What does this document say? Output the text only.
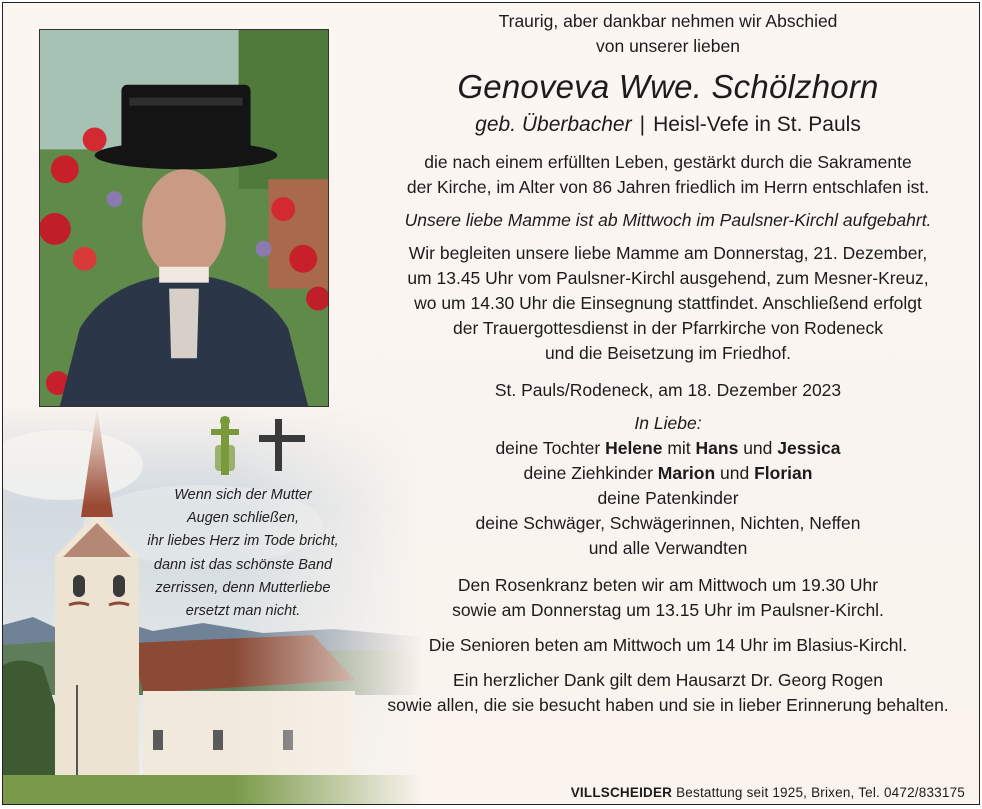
Wenn sich der Mutter
Augen schließen,
ihr liebes Herz im Tode bricht,
dann ist das schönste Band
zerrissen, denn Mutterliebe
ersetzt man nicht.
Traurig, aber dankbar nehmen wir Abschied
von unserer lieben
Genoveva Wwe. Schölzhorn
geb. Überbacher | Heisl-Vefe in St. Pauls
die nach einem erfüllten Leben, gestärkt durch die Sakramente
der Kirche, im Alter von 86 Jahren friedlich im Herrn entschlafen ist.
Unsere liebe Mamme ist ab Mittwoch im Paulsner-Kirchl aufgebahrt.
Wir begleiten unsere liebe Mamme am Donnerstag, 21. Dezember,
um 13.45 Uhr vom Paulsner-Kirchl ausgehend, zum Mesner-Kreuz,
wo um 14.30 Uhr die Einsegnung stattfindet. Anschließend erfolgt
der Trauergottesdienst in der Pfarrkirche von Rodeneck
und die Beisetzung im Friedhof.
St. Pauls/Rodeneck, am 18. Dezember 2023
In Liebe:
deine Tochter Helene mit Hans und Jessica
deine Ziehkinder Marion und Florian
deine Patenkinder
deine Schwäger, Schwägerinnen, Nichten, Neffen
und alle Verwandten
Den Rosenkranz beten wir am Mittwoch um 19.30 Uhr
sowie am Donnerstag um 13.15 Uhr im Paulsner-Kirchl.
Die Senioren beten am Mittwoch um 14 Uhr im Blasius-Kirchl.
Ein herzlicher Dank gilt dem Hausarzt Dr. Georg Rogen
sowie allen, die sie besucht haben und sie in lieber Erinnerung behalten.
VILLSCHEIDER Bestattung seit 1925, Brixen, Tel. 0472/833175
